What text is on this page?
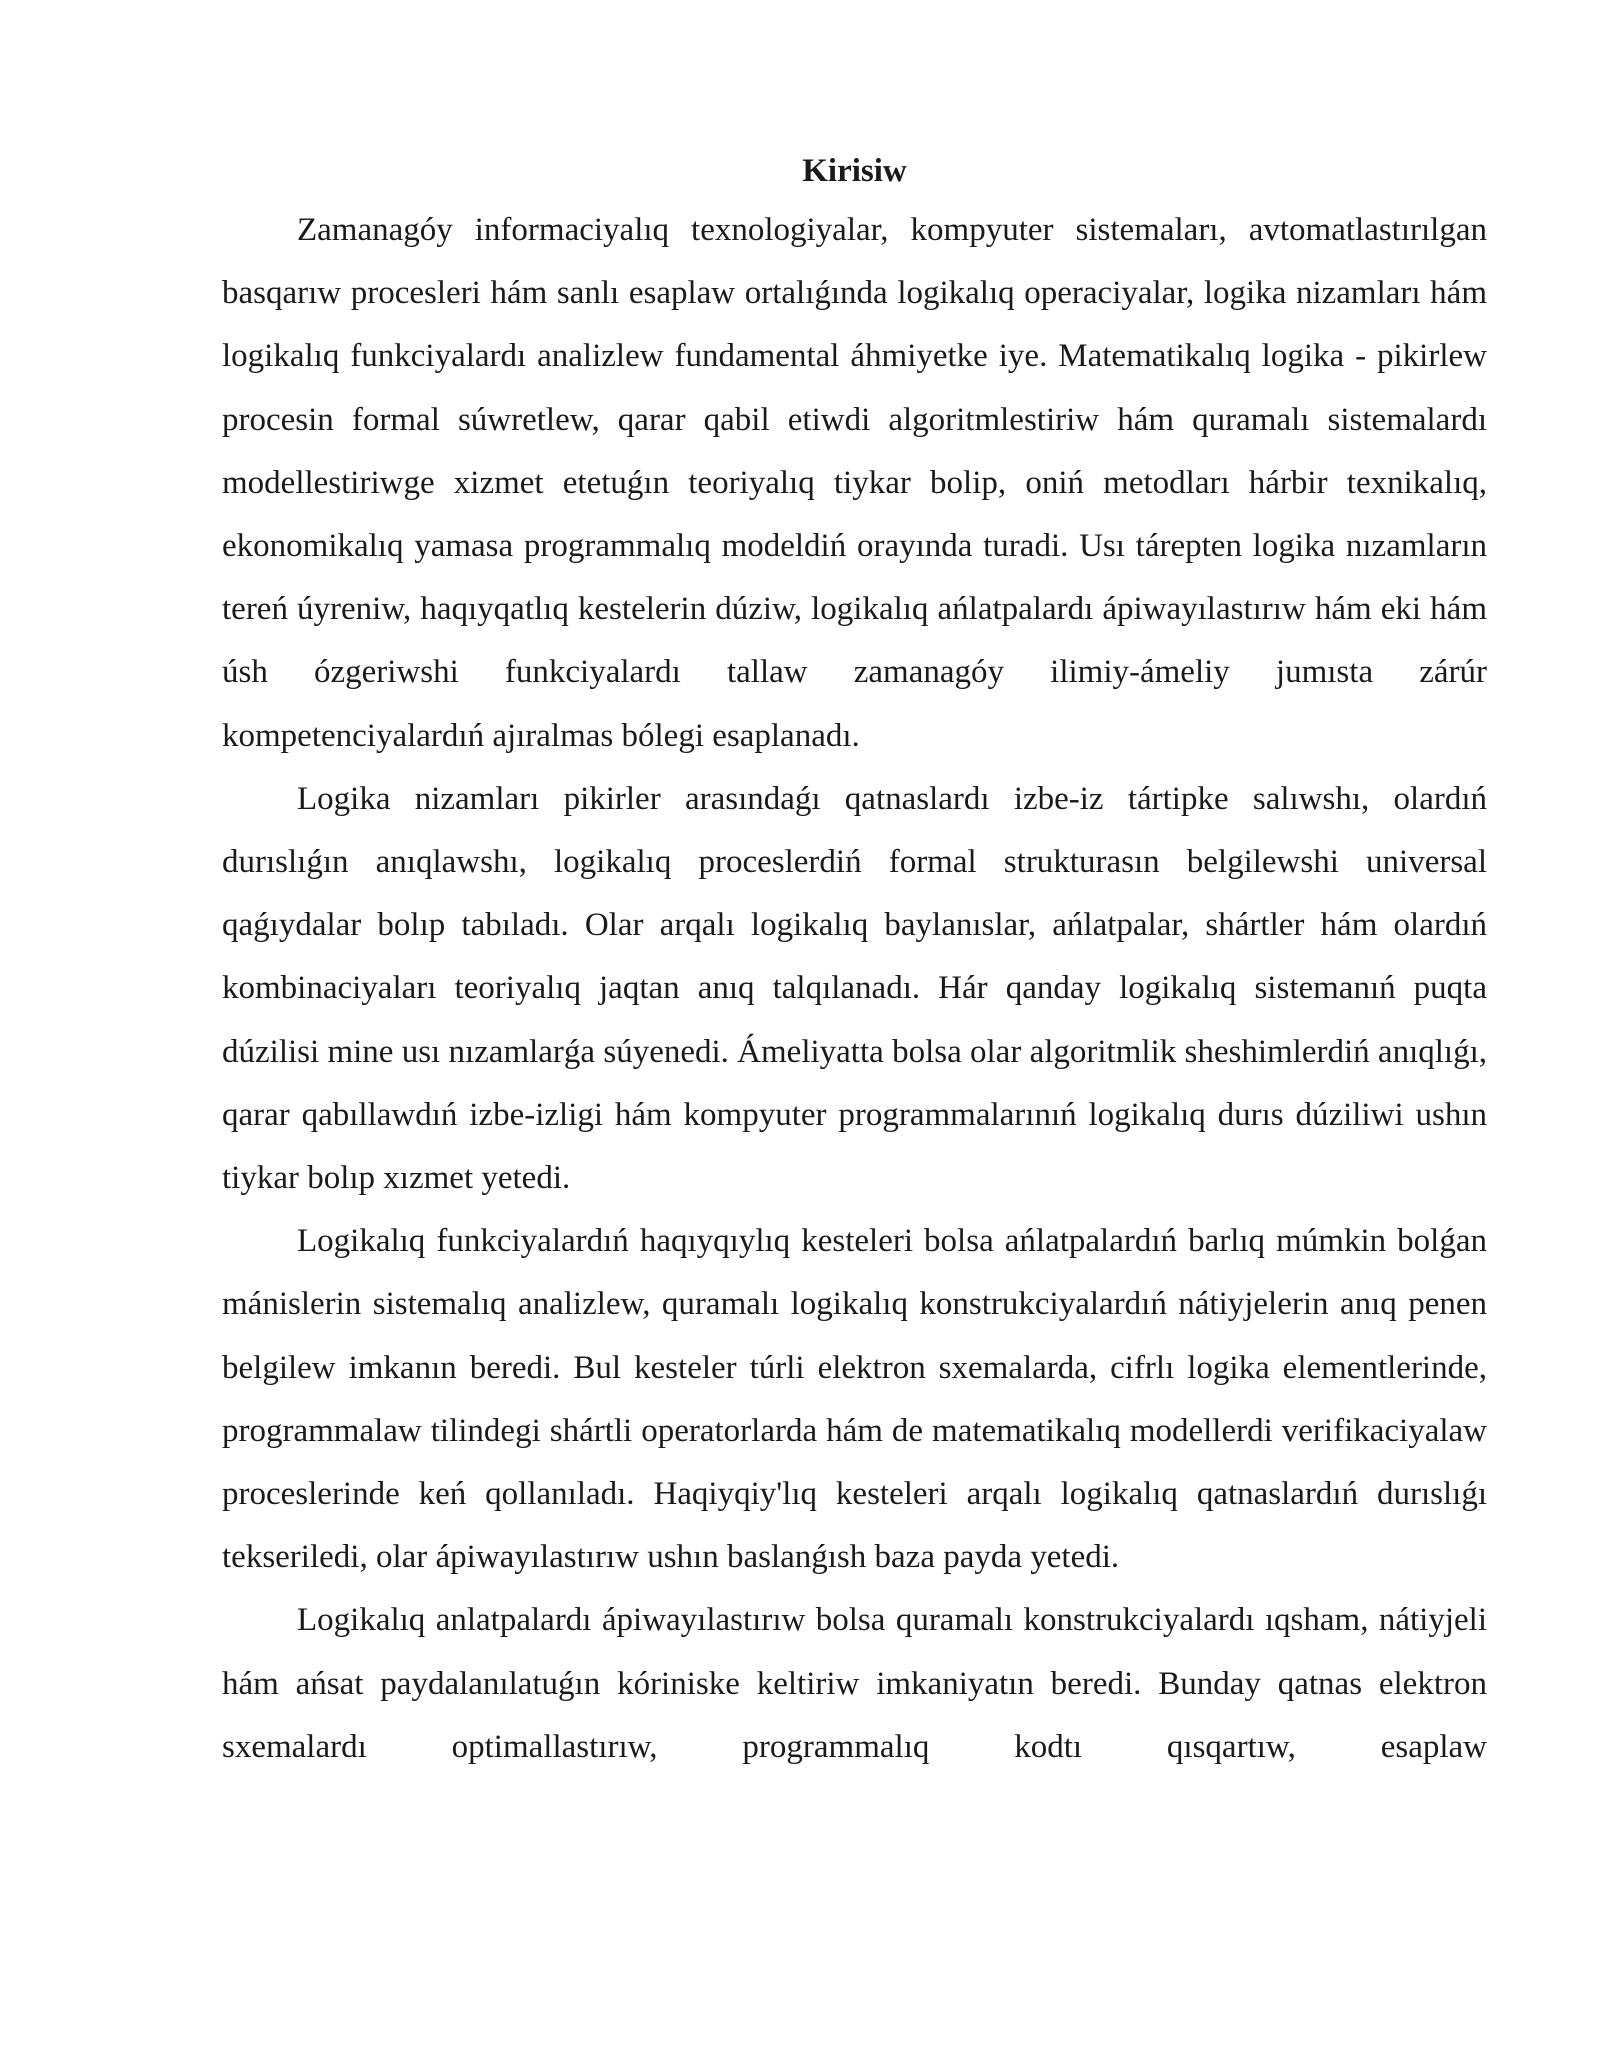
Kirisiw

Zamanagóy informaciyalıq texnologiyalar, kompyuter sistemaları, avtomatlastırılgan basqarıw procesleri hám sanlı esaplaw ortalıǵında logikalıq operaciyalar, logika nizamları hám logikalıq funkciyalardı analizlew fundamental áhmiyetke iye. Matematikalıq logika - pikirlew procesin formal súwretlew, qarar qabil etiwdi algoritmlestiriw hám quramalı sistemalardı modellestiriwge xizmet etetuǵın teoriyalıq tiykar bolip, oniń metodları hárbir texnikalıq, ekonomikalıq yamasa programmalıq modeldiń orayında turadi. Usı tárepten logika nızamların tereń úyreniw, haqıyqatlıq kestelerin dúziw, logikalıq ańlatpalardı ápiwayılastırıw hám eki hám úsh ózgeriwshi funkciyalardı tallaw zamanagóy ilimiy-ámeliy jumısta zárúr kompetenciyalardıń ajıralmas bólegi esaplanadı.

Logika nizamları pikirler arasındaǵı qatnaslardı izbe-iz tártipke salıwshı, olardıń durıslıǵın anıqlawshı, logikalıq proceslerdiń formal strukturasın belgilewshi universal qaǵıydalar bolıp tabıladı. Olar arqalı logikalıq baylanıslar, ańlatpalar, shártler hám olardıń kombinaciyaları teoriyalıq jaqtan anıq talqılanadı. Hár qanday logikalıq sistemanıń puqta dúzilisi mine usı nızamlarǵa súyenedi. Ámeliyatta bolsa olar algoritmlik sheshimlerdiń anıqlıǵı, qarar qabıllawdıń izbe-izligi hám kompyuter programmalarınıń logikalıq durıs dúziliwi ushın tiykar bolıp xızmet yetedi.

Logikalıq funkciyalardıń haqıyqıylıq kesteleri bolsa ańlatpalardıń barlıq múmkin bolǵan mánislerin sistemalıq analizlew, quramalı logikalıq konstrukciyalardıń nátiyjelerin anıq penen belgilew imkanın beredi. Bul kesteler túrli elektron sxemalarda, cifrlı logika elementlerinde, programmalaw tilindegi shártli operatorlarda hám de matematikalıq modellerdi verifikaciyalaw proceslerinde keń qollanıladı. Haqiyqiy'lıq kesteleri arqalı logikalıq qatnaslardıń durıslıǵı tekseriledi, olar ápiwayılastırıw ushın baslanǵısh baza payda yetedi.

Logikalıq anlatpalardı ápiwayılastırıw bolsa quramalı konstrukciyalardı ıqsham, nátiyjeli hám ańsat paydalanılatuǵın kóriniske keltiriw imkaniyatın beredi. Bunday qatnas elektron sxemalardı optimallastırıw, programmalıq kodtı qısqartıw, esaplaw
